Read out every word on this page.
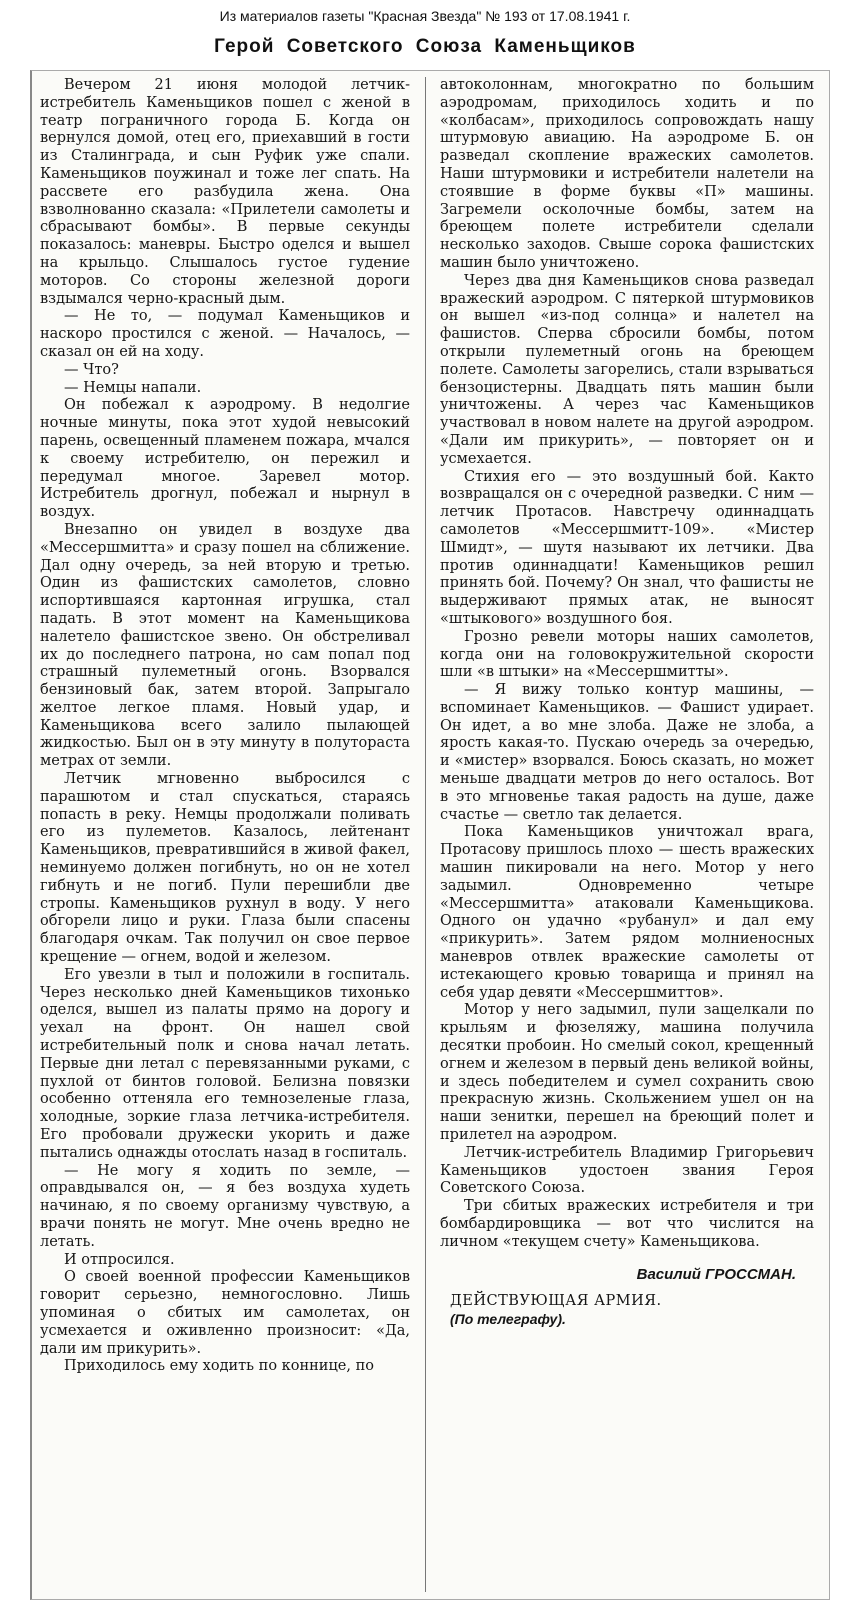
Из материалов газеты "Красная Звезда" № 193 от 17.08.1941 г.
Герой Советского Союза Каменьщиков

Вечером 21 июня молодой летчик-истребитель Каменьщиков пошел с женой в театр пограничного города Б. Когда он вернулся домой, отец его, приехавший в гости из Сталинграда, и сын Руфик уже спали. Каменьщиков поужинал и тоже лег спать. На рассвете его разбудила жена. Она взволнованно сказала: «Прилетели самолеты и сбрасывают бомбы». В первые секунды показалось: маневры. Быстро оделся и вышел на крыльцо. Слышалось густое гудение моторов. Со стороны железной дороги вздымался черно-красный дым.

— Не то, — подумал Каменьщиков и наскоро простился с женой. — Началось, — сказал он ей на ходу.

— Что?

— Немцы напали.

Он побежал к аэродрому. В недолгие ночные минуты, пока этот худой невысокий парень, освещенный пламенем пожара, мчался к своему истребителю, он пережил и передумал многое. Заревел мотор. Истребитель дрогнул, побежал и нырнул в воздух.

Внезапно он увидел в воздухе два «Мессершмитта» и сразу пошел на сближение. Дал одну очередь, за ней вторую и третью. Один из фашистских самолетов, словно испортившаяся картонная игрушка, стал падать. В этот момент на Каменьщикова налетело фашистское звено. Он обстреливал их до последнего патрона, но сам попал под страшный пулеметный огонь. Взорвался бензиновый бак, затем второй. Запрыгало желтое легкое пламя. Новый удар, и Каменьщикова всего залило пылающей жидкостью. Был он в эту минуту в полутораста метрах от земли.

Летчик мгновенно выбросился с парашютом и стал спускаться, стараясь попасть в реку. Немцы продолжали поливать его из пулеметов. Казалось, лейтенант Каменьщиков, превратившийся в живой факел, неминуемо должен погибнуть, но он не хотел гибнуть и не погиб. Пули перешибли две стропы. Каменьщиков рухнул в воду. У него обгорели лицо и руки. Глаза были спасены благодаря очкам. Так получил он свое первое крещение — огнем, водой и железом.

Его увезли в тыл и положили в госпиталь. Через несколько дней Каменьщиков тихонько оделся, вышел из палаты прямо на дорогу и уехал на фронт. Он нашел свой истребительный полк и снова начал летать. Первые дни летал с перевязанными руками, с пухлой от бинтов головой. Белизна повязки особенно оттеняла его темнозеленые глаза, холодные, зоркие глаза летчика-истребителя. Его пробовали дружески укорить и даже пытались однажды отослать назад в госпиталь.

— Не могу я ходить по земле, — оправдывался он, — я без воздуха худеть начинаю, я по своему организму чувствую, а врачи понять не могут. Мне очень вредно не летать.

И отпросился.

О своей военной профессии Каменьщиков говорит серьезно, немногословно. Лишь упоминая о сбитых им самолетах, он усмехается и оживленно произносит: «Да, дали им прикурить».

Приходилось ему ходить по коннице, по

автоколоннам, многократно по большим аэродромам, приходилось ходить и по «колбасам», приходилось сопровождать нашу штурмовую авиацию. На аэродроме Б. он разведал скопление вражеских самолетов. Наши штурмовики и истребители налетели на стоявшие в форме буквы «П» машины. Загремели осколочные бомбы, затем на бреющем полете истребители сделали несколько заходов. Свыше сорока фашистских машин было уничтожено.

Через два дня Каменьщиков снова разведал вражеский аэродром. С пятеркой штурмовиков он вышел «из-под солнца» и налетел на фашистов. Сперва сбросили бомбы, потом открыли пулеметный огонь на бреющем полете. Самолеты загорелись, стали взрываться бензоцистерны. Двадцать пять машин были уничтожены. А через час Каменьщиков участвовал в новом налете на другой аэродром. «Дали им прикурить», — повторяет он и усмехается.

Стихия его — это воздушный бой. Както возвращался он с очередной разведки. С ним — летчик Протасов. Навстречу одиннадцать самолетов «Мессершмитт-109». «Мистер Шмидт», — шутя называют их летчики. Два против одиннадцати! Каменьщиков решил принять бой. Почему? Он знал, что фашисты не выдерживают прямых атак, не выносят «штыкового» воздушного боя.

Грозно ревели моторы наших самолетов, когда они на головокружительной скорости шли «в штыки» на «Мессершмитты».

— Я вижу только контур машины, — вспоминает Каменьщиков. — Фашист удирает. Он идет, а во мне злоба. Даже не злоба, а ярость какая-то. Пускаю очередь за очередью, и «мистер» взорвался. Боюсь сказать, но может меньше двадцати метров до него осталось. Вот в это мгновенье такая радость на душе, даже счастье — светло так делается.

Пока Каменьщиков уничтожал врага, Протасову пришлось плохо — шесть вражеских машин пикировали на него. Мотор у него задымил. Одновременно четыре «Мессершмитта» атаковали Каменьщикова. Одного он удачно «рубанул» и дал ему «прикурить». Затем рядом молниеносных маневров отвлек вражеские самолеты от истекающего кровью товарища и принял на себя удар девяти «Мессершмиттов».

Мотор у него задымил, пули защелкали по крыльям и фюзеляжу, машина получила десятки пробоин. Но смелый сокол, крещенный огнем и железом в первый день великой войны, и здесь победителем и сумел сохранить свою прекрасную жизнь. Скольжением ушел он на наши зенитки, перешел на бреющий полет и прилетел на аэродром.

Летчик-истребитель Владимир Григорьевич Каменьщиков удостоен звания Героя Советского Союза.

Три сбитых вражеских истребителя и три бомбардировщика — вот что числится на личном «текущем счету» Каменьщикова.

Василий ГРОССМАН.
ДЕЙСТВУЮЩАЯ АРМИЯ.
(По телеграфу).
